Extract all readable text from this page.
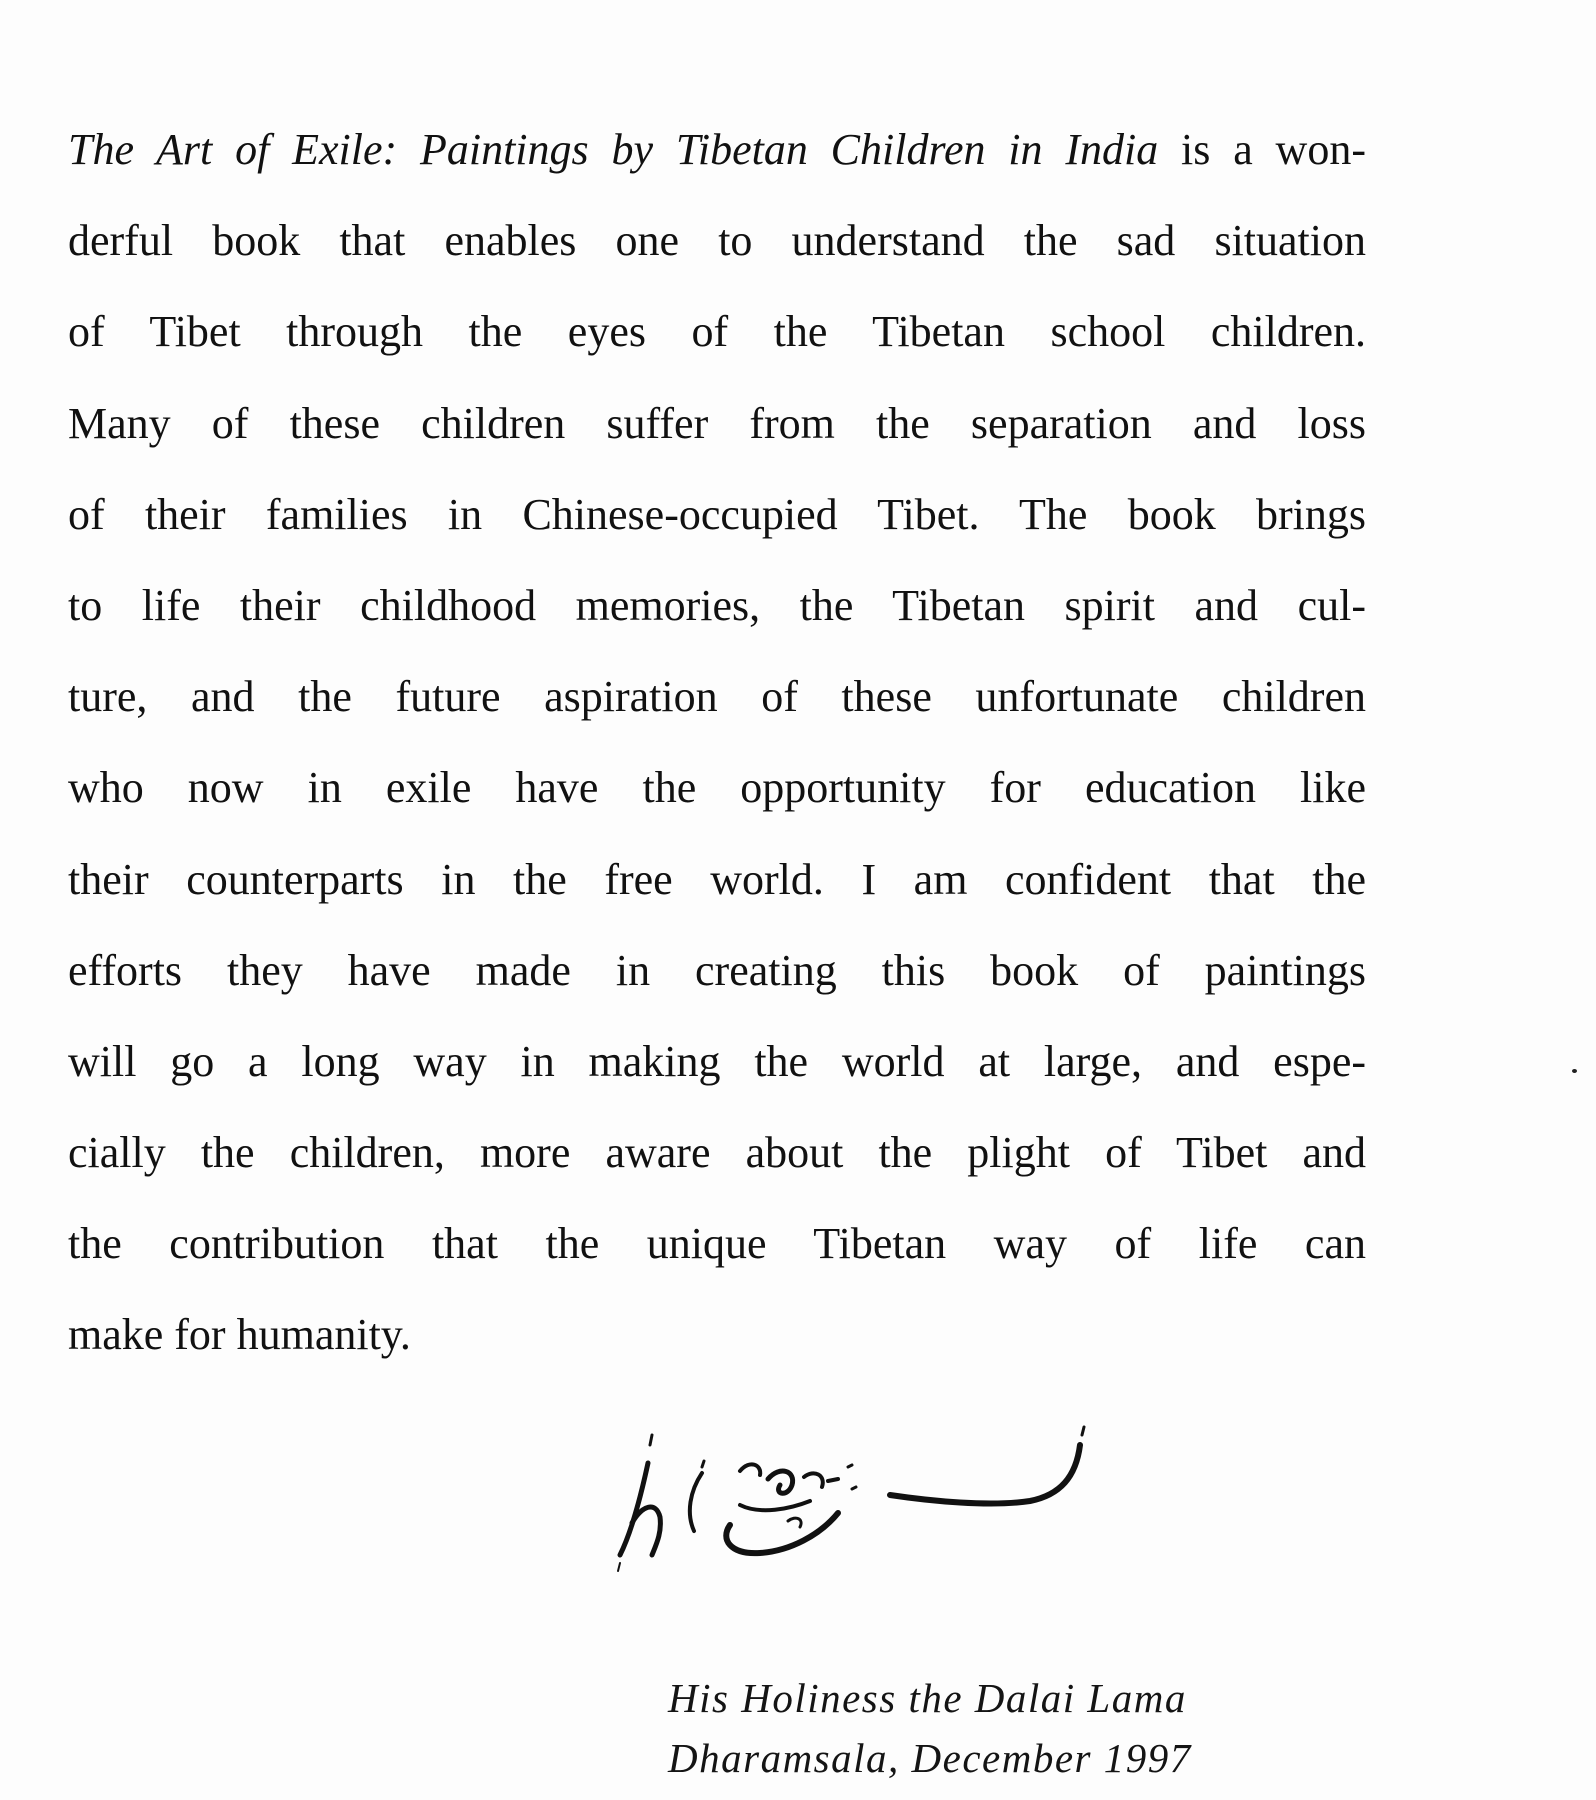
The Art of Exile: Paintings by Tibetan Children in India is a won-
derful book that enables one to understand the sad situation
of Tibet through the eyes of the Tibetan school children.
Many of these children suffer from the separation and loss
of their families in Chinese-occupied Tibet. The book brings
to life their childhood memories, the Tibetan spirit and cul-
ture, and the future aspiration of these unfortunate children
who now in exile have the opportunity for education like
their counterparts in the free world. I am confident that the
efforts they have made in creating this book of paintings
will go a long way in making the world at large, and espe-
cially the children, more aware about the plight of Tibet and
the contribution that the unique Tibetan way of life can
make for humanity.
His Holiness the Dalai Lama
Dharamsala, December 1997
